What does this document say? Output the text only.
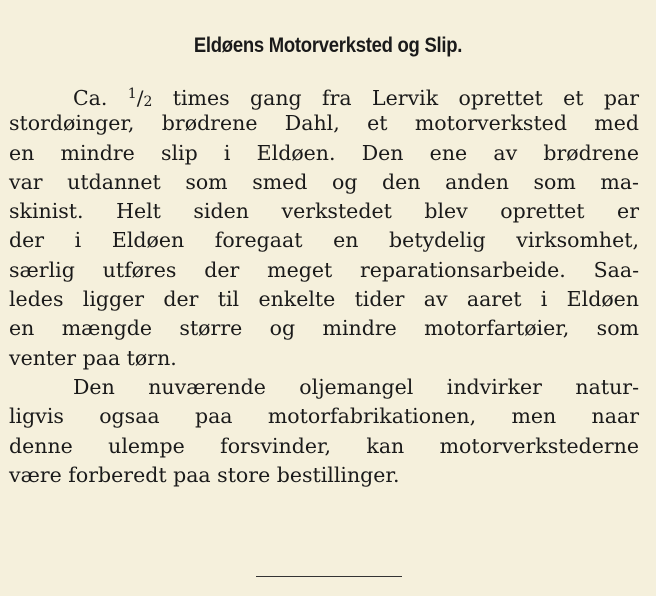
Eldøens Motorverksted og Slip.
Ca. $^1$/2 times gang fra Lervik oprettet et par
stordøinger, brødrene Dahl, et motorverksted med
en mindre slip i Eldøen. Den ene av brødrene
var utdannet som smed og den anden som ma-
skinist. Helt siden verkstedet blev oprettet er
der i Eldøen foregaat en betydelig virksomhet,
særlig utføres der meget reparationsarbeide. Saa-
ledes ligger der til enkelte tider av aaret i Eldøen
en mængde større og mindre motorfartøier, som
venter paa tørn.
Den nuværende oljemangel indvirker natur-
ligvis ogsaa paa motorfabrikationen, men naar
denne ulempe forsvinder, kan motorverkstederne
være forberedt paa store bestillinger.
